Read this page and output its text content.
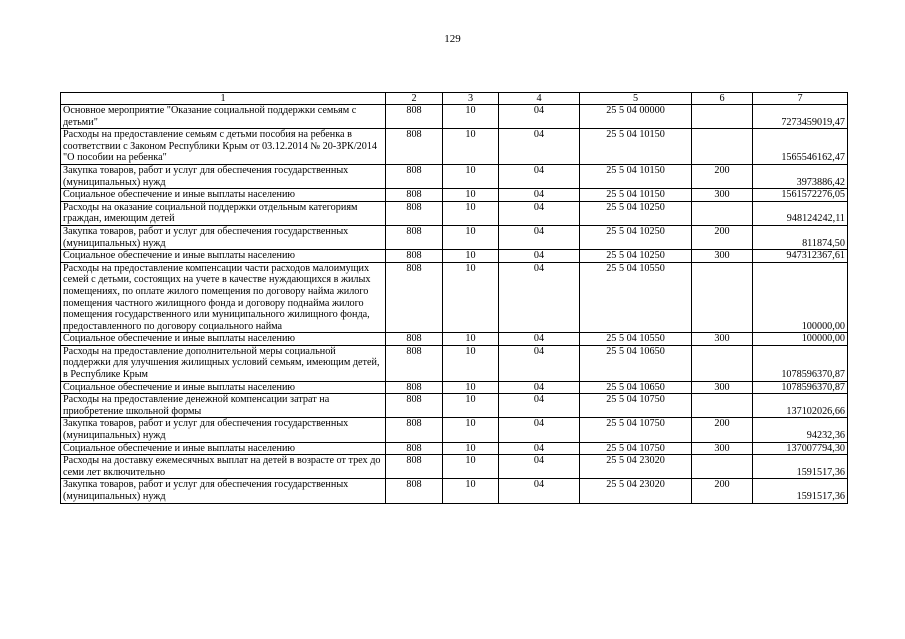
129
1	2	3	4	5	6	7
Основное мероприятие "Оказание социальной поддержки семьям с детьми"	808	10	04	25 5 04 00000		7273459019,47
Расходы на предоставление семьям с детьми пособия на ребенка в соответствии с Законом Республики Крым от 03.12.2014 № 20-ЗРК/2014 "О пособии на ребенка"	808	10	04	25 5 04 10150		1565546162,47
Закупка товаров, работ и услуг для обеспечения государственных (муниципальных) нужд	808	10	04	25 5 04 10150	200	3973886,42
Социальное обеспечение и иные выплаты населению	808	10	04	25 5 04 10150	300	1561572276,05
Расходы на оказание социальной поддержки отдельным категориям граждан, имеющим детей	808	10	04	25 5 04 10250		948124242,11
Закупка товаров, работ и услуг для обеспечения государственных (муниципальных) нужд	808	10	04	25 5 04 10250	200	811874,50
Социальное обеспечение и иные выплаты населению	808	10	04	25 5 04 10250	300	947312367,61
Расходы на предоставление компенсации части расходов малоимущих семей с детьми, состоящих на учете в качестве нуждающихся в жилых помещениях, по оплате жилого помещения по договору найма жилого помещения частного жилищного фонда и договору поднайма жилого помещения государственного или муниципального жилищного фонда, предоставленного по договору социального найма	808	10	04	25 5 04 10550		100000,00
Социальное обеспечение и иные выплаты населению	808	10	04	25 5 04 10550	300	100000,00
Расходы на предоставление дополнительной меры социальной поддержки для улучшения жилищных условий семьям, имеющим детей, в Республике Крым	808	10	04	25 5 04 10650		1078596370,87
Социальное обеспечение и иные выплаты населению	808	10	04	25 5 04 10650	300	1078596370,87
Расходы на предоставление денежной компенсации затрат на приобретение школьной формы	808	10	04	25 5 04 10750		137102026,66
Закупка товаров, работ и услуг для обеспечения государственных (муниципальных) нужд	808	10	04	25 5 04 10750	200	94232,36
Социальное обеспечение и иные выплаты населению	808	10	04	25 5 04 10750	300	137007794,30
Расходы на доставку ежемесячных выплат на детей в возрасте от трех до семи лет включительно	808	10	04	25 5 04 23020		1591517,36
Закупка товаров, работ и услуг для обеспечения государственных (муниципальных) нужд	808	10	04	25 5 04 23020	200	1591517,36
